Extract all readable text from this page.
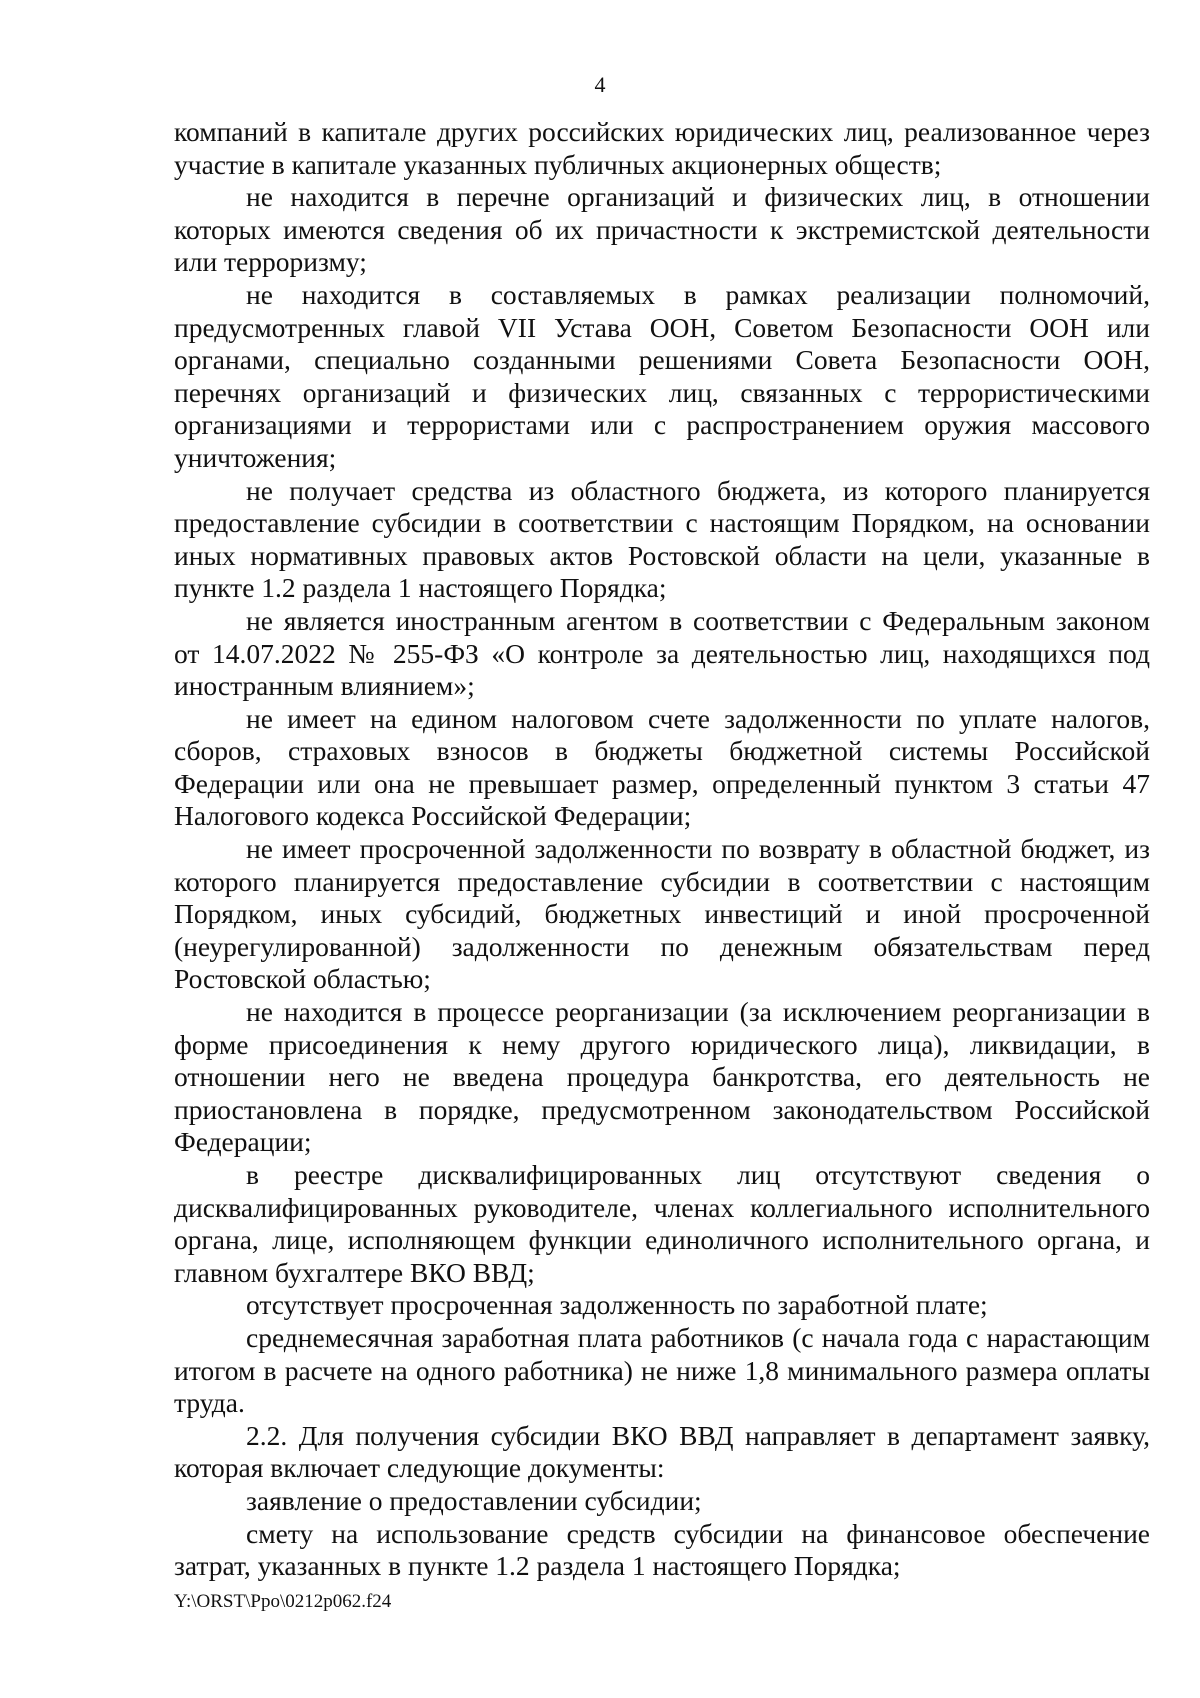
4

компаний в капитале других российских юридических лиц, реализованное через участие в капитале указанных публичных акционерных обществ;

не находится в перечне организаций и физических лиц, в отношении которых имеются сведения об их причастности к экстремистской деятельности или терроризму;

не находится в составляемых в рамках реализации полномочий, предусмотренных главой VII Устава ООН, Советом Безопасности ООН или органами, специально созданными решениями Совета Безопасности ООН, перечнях организаций и физических лиц, связанных с террористическими организациями и террористами или с распространением оружия массового уничтожения;

не получает средства из областного бюджета, из которого планируется предоставление субсидии в соответствии с настоящим Порядком, на основании иных нормативных правовых актов Ростовской области на цели, указанные в пункте 1.2 раздела 1 настоящего Порядка;

не является иностранным агентом в соответствии с Федеральным законом от 14.07.2022 № 255-ФЗ «О контроле за деятельностью лиц, находящихся под иностранным влиянием»;

не имеет на едином налоговом счете задолженности по уплате налогов, сборов, страховых взносов в бюджеты бюджетной системы Российской Федерации или она не превышает размер, определенный пунктом 3 статьи 47 Налогового кодекса Российской Федерации;

не имеет просроченной задолженности по возврату в областной бюджет, из которого планируется предоставление субсидии в соответствии с настоящим Порядком, иных субсидий, бюджетных инвестиций и иной просроченной (неурегулированной) задолженности по денежным обязательствам перед Ростовской областью;

не находится в процессе реорганизации (за исключением реорганизации в форме присоединения к нему другого юридического лица), ликвидации, в отношении него не введена процедура банкротства, его деятельность не приостановлена в порядке, предусмотренном законодательством Российской Федерации;

в реестре дисквалифицированных лиц отсутствуют сведения о дисквалифицированных руководителе, членах коллегиального исполнительного органа, лице, исполняющем функции единоличного исполнительного органа, и главном бухгалтере ВКО ВВД;

отсутствует просроченная задолженность по заработной плате;

среднемесячная заработная плата работников (с начала года с нарастающим итогом в расчете на одного работника) не ниже 1,8 минимального размера оплаты труда.

2.2. Для получения субсидии ВКО ВВД направляет в департамент заявку, которая включает следующие документы:

заявление о предоставлении субсидии;

смету на использование средств субсидии на финансовое обеспечение затрат, указанных в пункте 1.2 раздела 1 настоящего Порядка;

Y:\ORST\Ppo\0212p062.f24
